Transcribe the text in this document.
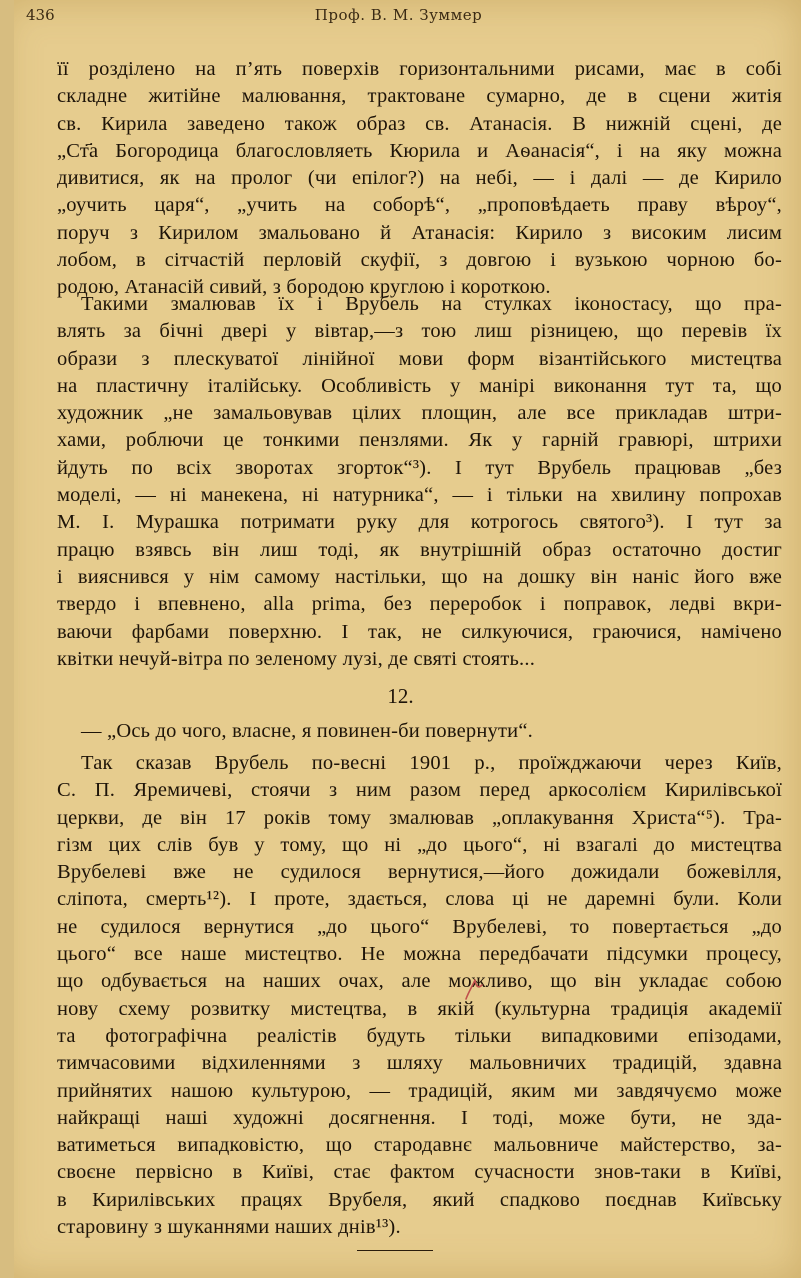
436	Проф. В. М. Зуммер
її розділено на п’ять поверхів горизонтальними рисами, має в собі
складне житійне малювання, трактоване сумарно, де в сцени житія
св. Кирила заведено також образ св. Атанасія. В нижній сцені, де
„Ст҃а Богородица благословляеть Кюрила и Аѳанасія“, і на яку можна
дивитися, як на пролог (чи епілог?) на небі, — і далі — де Кирило
„оучить царя“, „учить на соборѣ“, „проповѣдаеть праву вѣроу“,
поруч з Кирилом змальовано й Атанасія: Кирило з високим лисим
лобом, в сітчастій перловій скуфії, з довгою і вузькою чорною бо-
родою, Атанасій сивий, з бородою круглою і короткою.
Такими змалював їх і Врубель на стулках іконостасу, що пра-
влять за бічні двері у вівтар,—з тою лиш різницею, що перевів їх
образи з плескуватої лінійної мови форм візантійського мистецтва
на пластичну італійську. Особливість у манірі виконання тут та, що
художник „не замальовував цілих площин, але все прикладав штри-
хами, роблючи це тонкими пензлями. Як у гарній гравюрі, штрихи
йдуть по всіх зворотах згорток“³). І тут Врубель працював „без
моделі, — ні манекена, ні натурника“, — і тільки на хвилину попрохав
М. І. Мурашка потримати руку для котрогось святого³). І тут за
працю взявсь він лиш тоді, як внутрішній образ остаточно достиг
і вияснився у нім самому настільки, що на дошку він наніс його вже
твердо і впевнено, alla prima, без переробок і поправок, ледві вкри-
ваючи фарбами поверхню. І так, не силкуючися, граючися, намічено
квітки нечуй-вітра по зеленому лузі, де святі стоять...
12.
— „Ось до чого, власне, я повинен-би повернути“.
Так сказав Врубель по-весні 1901 р., проїжджаючи через Київ,
С. П. Яремичеві, стоячи з ним разом перед аркосолієм Кирилівської
церкви, де він 17 років тому змалював „оплакування Христа“⁵). Тра-
гізм цих слів був у тому, що ні „до цього“, ні взагалі до мистецтва
Врубелеві вже не судилося вернутися,—його дожидали божевілля,
сліпота, смерть¹²). І проте, здається, слова ці не даремні були. Коли
не судилося вернутися „до цього“ Врубелеві, то повертається „до
цього“ все наше мистецтво. Не можна передбачати підсумки процесу,
що одбувається на наших очах, але можливо, що він укладає собою
нову схему розвитку мистецтва, в якій (культурна традиція академії
та фотографічна реалістів будуть тільки випадковими епізодами,
тимчасовими відхиленнями з шляху мальовничих традицій, здавна
прийнятих нашою культурою, — традицій, яким ми завдячуємо може
найкращі наші художні досягнення. І тоді, може бути, не зда-
ватиметься випадковістю, що стародавнє мальовниче майстерство, за-
своєне первісно в Київі, стає фактом сучасности знов-таки в Київі,
в Кирилівських працях Врубеля, який спадково поєднав Київську
старовину з шуканнями наших днів¹³).
